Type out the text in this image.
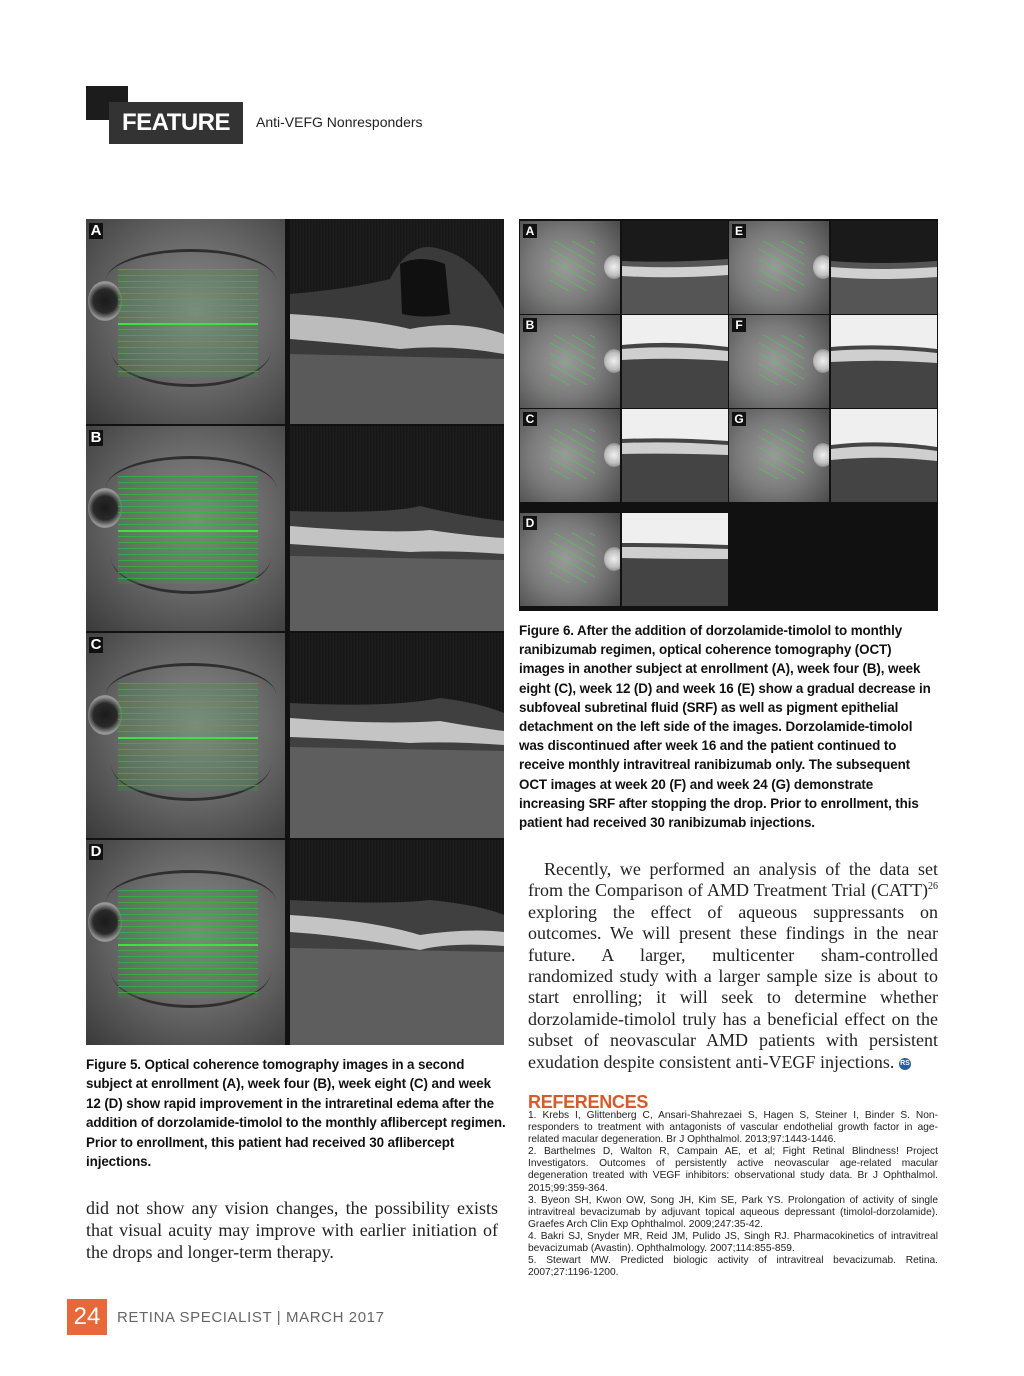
FEATURE	Anti-VEFG Nonresponders
A
B
C
D
Figure 5. Optical coherence tomography images in a second subject at enrollment (A), week four (B), week eight (C) and week 12 (D) show rapid improvement in the intraretinal edema after the addition of dorzolamide-timolol to the monthly aflibercept regimen. Prior to enrollment, this patient had received 30 aflibercept injections.
did not show any vision changes, the possibility exists that visual acuity may improve with earlier initiation of the drops and longer-term therapy.
A	E
B	F
C	G
D
Figure 6. After the addition of dorzolamide-timolol to monthly ranibizumab regimen, optical coherence tomography (OCT) images in another subject at enrollment (A), week four (B), week eight (C), week 12 (D) and week 16 (E) show a gradual decrease in subfoveal subretinal fluid (SRF) as well as pigment epithelial detachment on the left side of the images. Dorzolamide-timolol was discontinued after week 16 and the patient continued to receive monthly intravitreal ranibizumab only. The subsequent OCT images at week 20 (F) and week 24 (G) demonstrate increasing SRF after stopping the drop. Prior to enrollment, this patient had received 30 ranibizumab injections.
Recently, we performed an analysis of the data set from the Comparison of AMD Treatment Trial (CATT)$^{26}$ exploring the effect of aqueous suppressants on outcomes. We will present these findings in the near future. A larger, multicenter sham-controlled randomized study with a larger sample size is about to start enrolling; it will seek to determine whether dorzolamide-timolol truly has a beneficial effect on the subset of neovascular AMD patients with persistent exudation despite consistent anti-VEGF injections. RS
REFERENCES
1. Krebs I, Glittenberg C, Ansari-Shahrezaei S, Hagen S, Steiner I, Binder S. Non-responders to treatment with antagonists of vascular endothelial growth factor in age-related macular degeneration. Br J Ophthalmol. 2013;97:1443-1446.
2. Barthelmes D, Walton R, Campain AE, et al; Fight Retinal Blindness! Project Investigators. Outcomes of persistently active neovascular age-related macular degeneration treated with VEGF inhibitors: observational study data. Br J Ophthalmol. 2015;99:359-364.
3. Byeon SH, Kwon OW, Song JH, Kim SE, Park YS. Prolongation of activity of single intravitreal bevacizumab by adjuvant topical aqueous depressant (timolol-dorzolamide). Graefes Arch Clin Exp Ophthalmol. 2009;247:35-42.
4. Bakri SJ, Snyder MR, Reid JM, Pulido JS, Singh RJ. Pharmacokinetics of intravitreal bevacizumab (Avastin). Ophthalmology. 2007;114:855-859.
5. Stewart MW. Predicted biologic activity of intravitreal bevacizumab. Retina. 2007;27:1196-1200.
24	RETINA SPECIALIST | MARCH 2017
